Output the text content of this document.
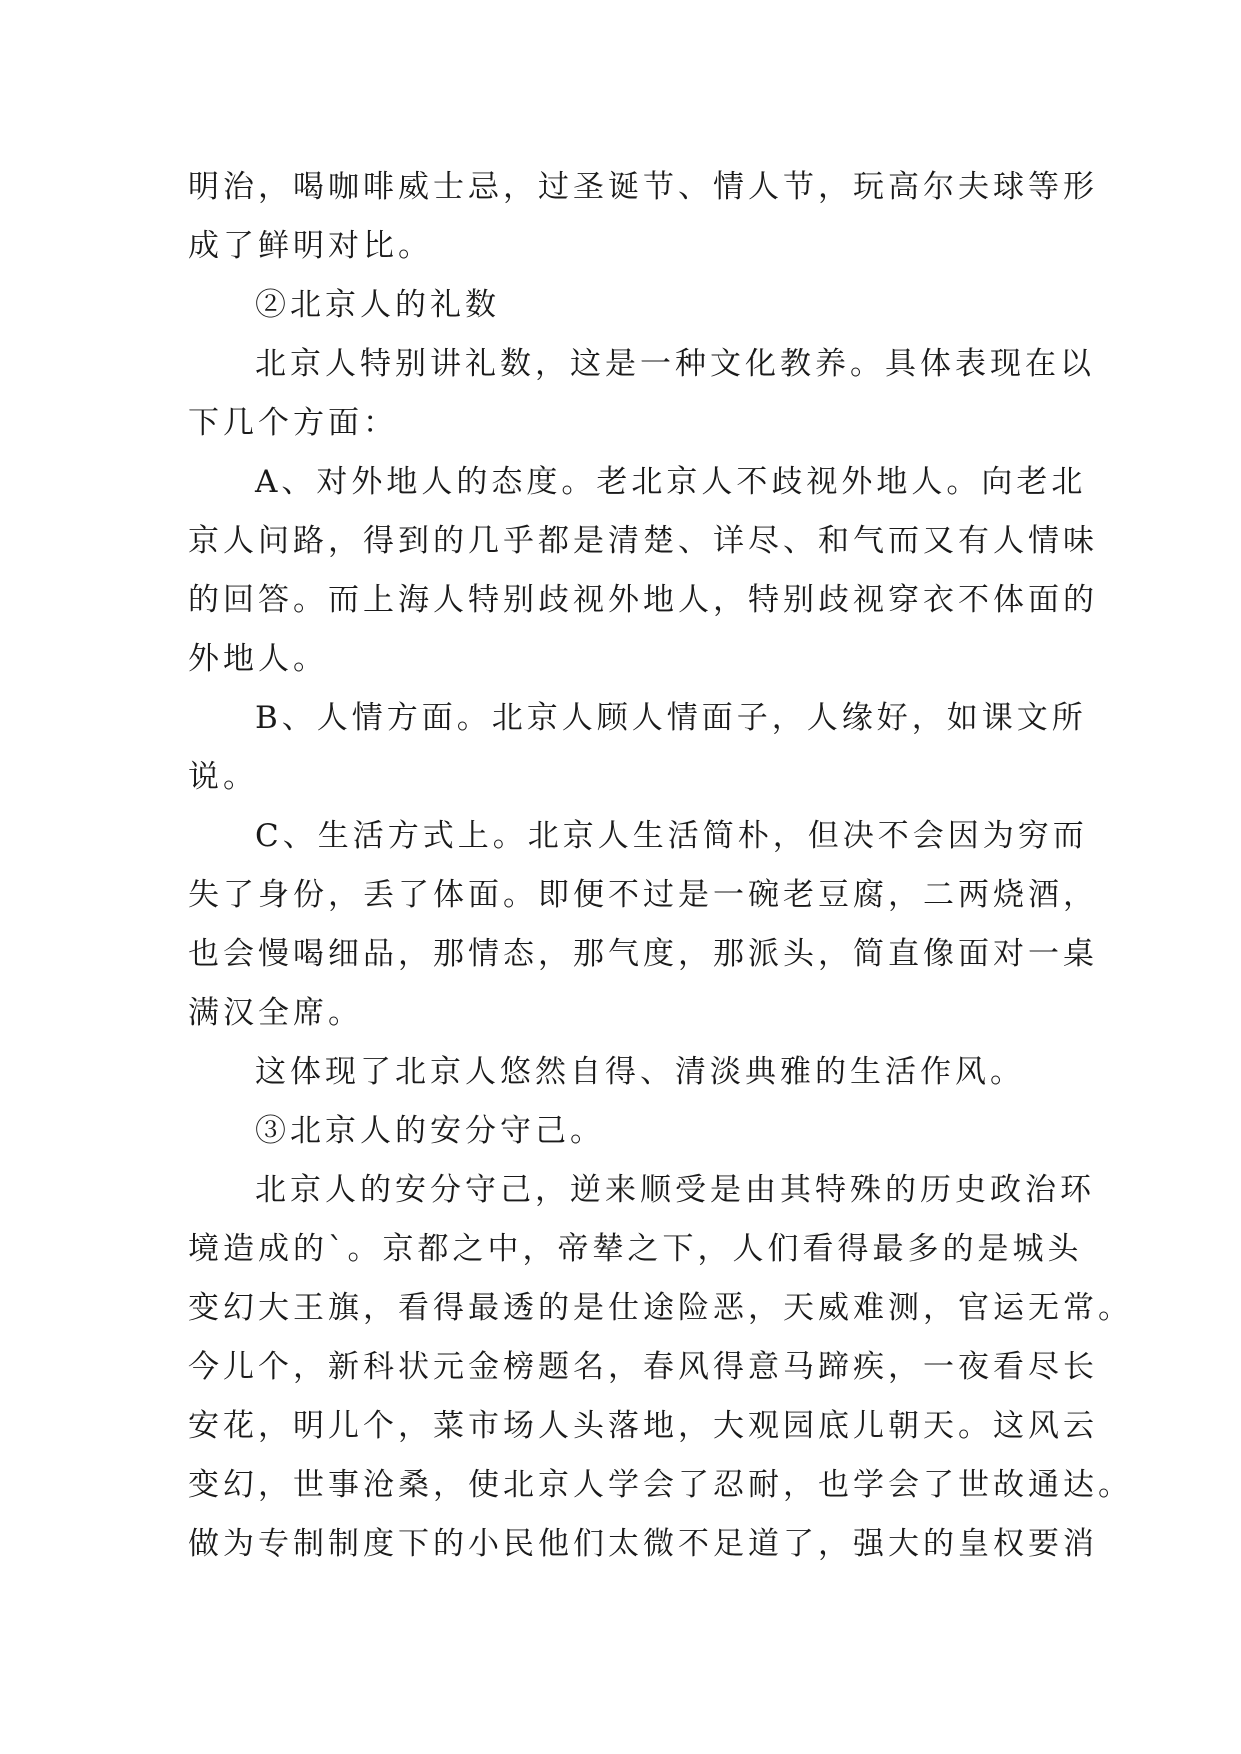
明治，喝咖啡威士忌，过圣诞节、情人节，玩高尔夫球等形
成了鲜明对比。
②北京人的礼数
北京人特别讲礼数，这是一种文化教养。具体表现在以
下几个方面：
A、对外地人的态度。老北京人不歧视外地人。向老北
京人问路，得到的几乎都是清楚、详尽、和气而又有人情味
的回答。而上海人特别歧视外地人，特别歧视穿衣不体面的
外地人。
B、人情方面。北京人顾人情面子，人缘好，如课文所
说。
C、生活方式上。北京人生活简朴，但决不会因为穷而
失了身份，丢了体面。即便不过是一碗老豆腐，二两烧酒，
也会慢喝细品，那情态，那气度，那派头，简直像面对一桌
满汉全席。
这体现了北京人悠然自得、清淡典雅的生活作风。
③北京人的安分守己。
北京人的安分守己，逆来顺受是由其特殊的历史政治环
境造成的`。京都之中，帝辇之下，人们看得最多的是城头
变幻大王旗，看得最透的是仕途险恶，天威难测，官运无常。
今儿个，新科状元金榜题名，春风得意马蹄疾，一夜看尽长
安花，明儿个，菜市场人头落地，大观园底儿朝天。这风云
变幻，世事沧桑，使北京人学会了忍耐，也学会了世故通达。
做为专制制度下的小民他们太微不足道了，强大的皇权要消
